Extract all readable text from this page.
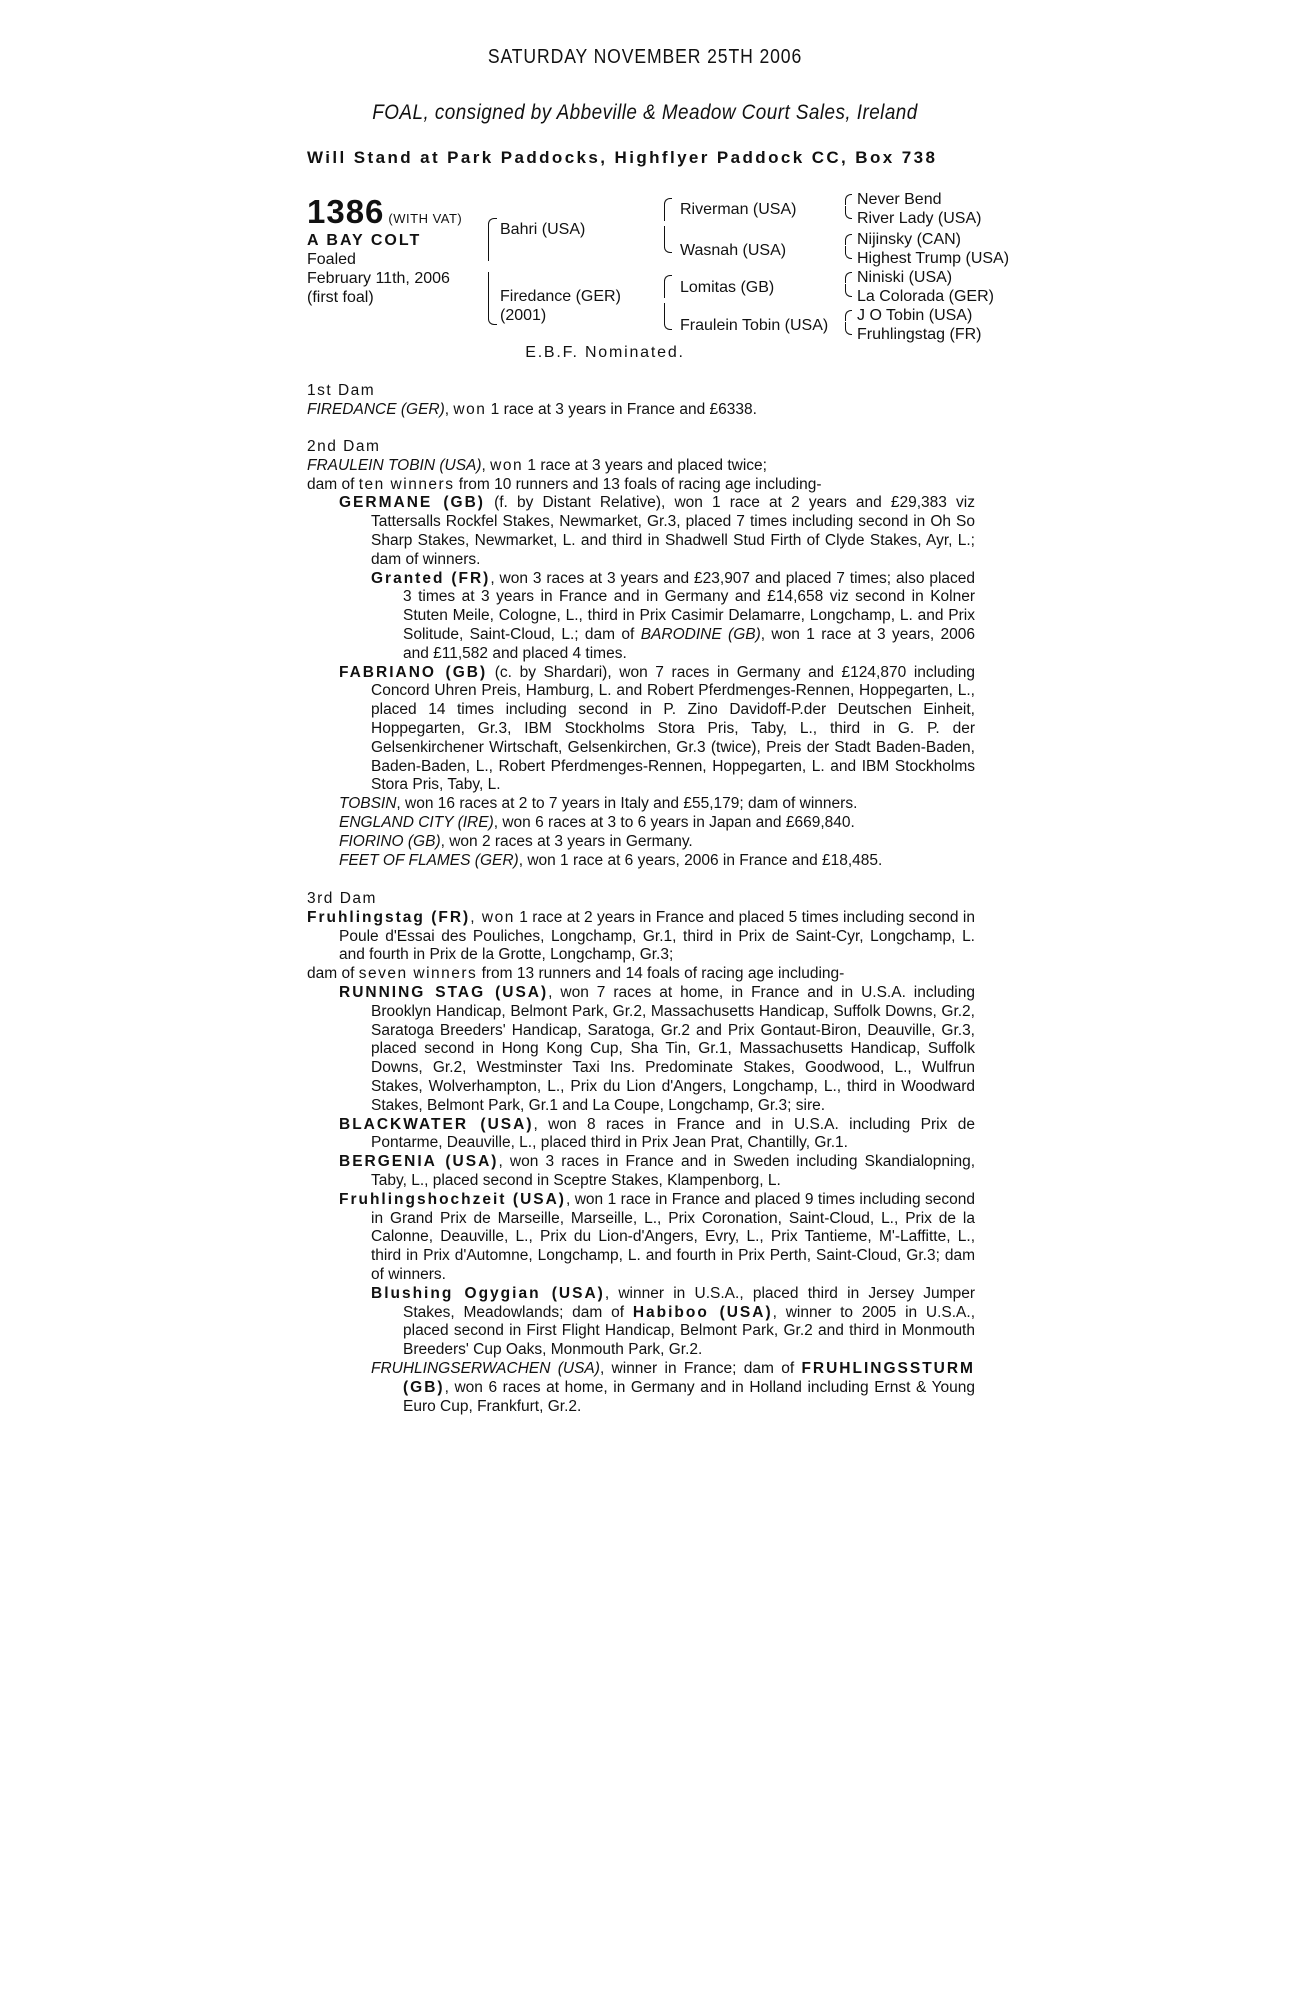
SATURDAY NOVEMBER 25TH 2006
FOAL, consigned by Abbeville & Meadow Court Sales, Ireland
Will Stand at Park Paddocks, Highflyer Paddock CC, Box 738
1386 (WITH VAT)
A BAY COLT
Foaled
February 11th, 2006
(first foal)
Bahri (USA)
Firedance (GER)
(2001)
Riverman (USA)
Wasnah (USA)
Lomitas (GB)
Fraulein Tobin (USA)
Never Bend
River Lady (USA)
Nijinsky (CAN)
Highest Trump (USA)
Niniski (USA)
La Colorada (GER)
J O Tobin (USA)
Fruhlingstag (FR)
E.B.F. Nominated.

1st Dam

FIREDANCE (GER), won 1 race at 3 years in France and £6338.

2nd Dam

FRAULEIN TOBIN (USA), won 1 race at 3 years and placed twice;

dam of ten winners from 10 runners and 13 foals of racing age including-

GERMANE (GB) (f. by Distant Relative), won 1 race at 2 years and £29,383 viz Tattersalls Rockfel Stakes, Newmarket, Gr.3, placed 7 times including second in Oh So Sharp Stakes, Newmarket, L. and third in Shadwell Stud Firth of Clyde Stakes, Ayr, L.; dam of winners.

Granted (FR), won 3 races at 3 years and £23,907 and placed 7 times; also placed 3 times at 3 years in France and in Germany and £14,658 viz second in Kolner Stuten Meile, Cologne, L., third in Prix Casimir Delamarre, Longchamp, L. and Prix Solitude, Saint-Cloud, L.; dam of BARODINE (GB), won 1 race at 3 years, 2006 and £11,582 and placed 4 times.

FABRIANO (GB) (c. by Shardari), won 7 races in Germany and £124,870 including Concord Uhren Preis, Hamburg, L. and Robert Pferdmenges-Rennen, Hoppegarten, L., placed 14 times including second in P. Zino Davidoff-P.der Deutschen Einheit, Hoppegarten, Gr.3, IBM Stockholms Stora Pris, Taby, L., third in G. P. der Gelsenkirchener Wirtschaft, Gelsenkirchen, Gr.3 (twice), Preis der Stadt Baden-Baden, Baden-Baden, L., Robert Pferdmenges-Rennen, Hoppegarten, L. and IBM Stockholms Stora Pris, Taby, L.

TOBSIN, won 16 races at 2 to 7 years in Italy and £55,179; dam of winners.

ENGLAND CITY (IRE), won 6 races at 3 to 6 years in Japan and £669,840.

FIORINO (GB), won 2 races at 3 years in Germany.

FEET OF FLAMES (GER), won 1 race at 6 years, 2006 in France and £18,485.

3rd Dam

Fruhlingstag (FR), won 1 race at 2 years in France and placed 5 times including second in Poule d'Essai des Pouliches, Longchamp, Gr.1, third in Prix de Saint-Cyr, Longchamp, L. and fourth in Prix de la Grotte, Longchamp, Gr.3;

dam of seven winners from 13 runners and 14 foals of racing age including-

RUNNING STAG (USA), won 7 races at home, in France and in U.S.A. including Brooklyn Handicap, Belmont Park, Gr.2, Massachusetts Handicap, Suffolk Downs, Gr.2, Saratoga Breeders' Handicap, Saratoga, Gr.2 and Prix Gontaut-Biron, Deauville, Gr.3, placed second in Hong Kong Cup, Sha Tin, Gr.1, Massachusetts Handicap, Suffolk Downs, Gr.2, Westminster Taxi Ins. Predominate Stakes, Goodwood, L., Wulfrun Stakes, Wolverhampton, L., Prix du Lion d'Angers, Longchamp, L., third in Woodward Stakes, Belmont Park, Gr.1 and La Coupe, Longchamp, Gr.3; sire.

BLACKWATER (USA), won 8 races in France and in U.S.A. including Prix de Pontarme, Deauville, L., placed third in Prix Jean Prat, Chantilly, Gr.1.

BERGENIA (USA), won 3 races in France and in Sweden including Skandialopning, Taby, L., placed second in Sceptre Stakes, Klampenborg, L.

Fruhlingshochzeit (USA), won 1 race in France and placed 9 times including second in Grand Prix de Marseille, Marseille, L., Prix Coronation, Saint-Cloud, L., Prix de la Calonne, Deauville, L., Prix du Lion-d'Angers, Evry, L., Prix Tantieme, M'-Laffitte, L., third in Prix d'Automne, Longchamp, L. and fourth in Prix Perth, Saint-Cloud, Gr.3; dam of winners.

Blushing Ogygian (USA), winner in U.S.A., placed third in Jersey Jumper Stakes, Meadowlands; dam of Habiboo (USA), winner to 2005 in U.S.A., placed second in First Flight Handicap, Belmont Park, Gr.2 and third in Monmouth Breeders' Cup Oaks, Monmouth Park, Gr.2.

FRUHLINGSERWACHEN (USA), winner in France; dam of FRUHLINGSSTURM (GB), won 6 races at home, in Germany and in Holland including Ernst & Young Euro Cup, Frankfurt, Gr.2.
